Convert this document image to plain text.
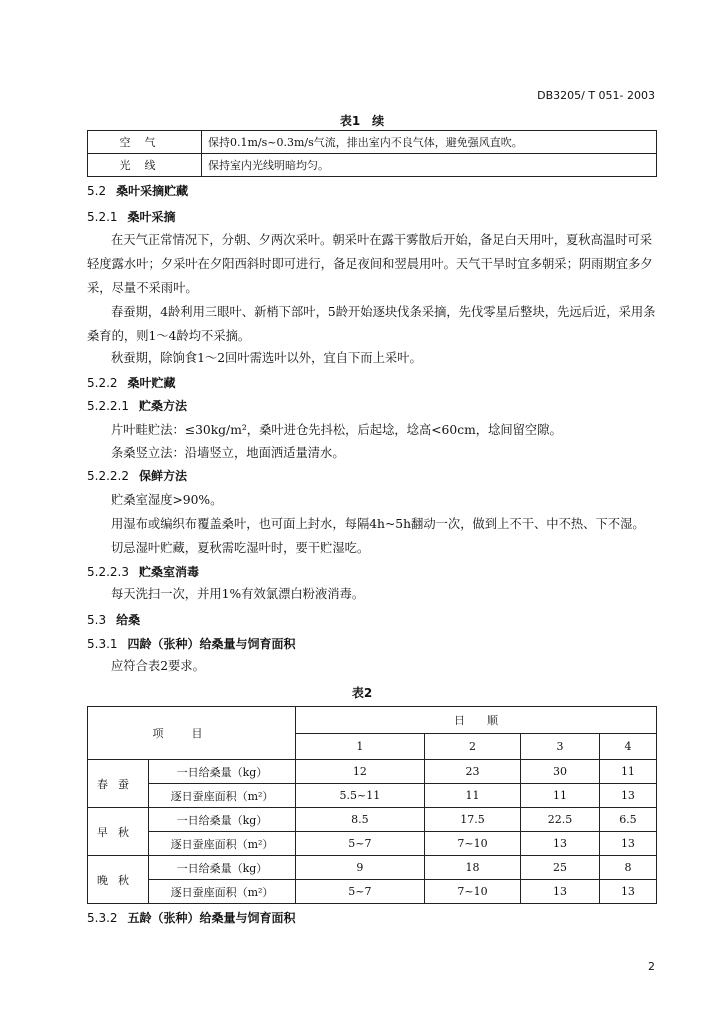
DB3205/ T 051- 2003
表1　续
空气	保持0.1m/s~0.3m/s气流，排出室内不良气体，避免强风直吹。
光线	保持室内光线明暗均匀。
5.2 桑叶采摘贮藏
5.2.1 桑叶采摘
在天气正常情况下，分朝、夕两次采叶。朝采叶在露干雾散后开始，备足白天用叶，夏秋高温时可采轻度露水叶；夕采叶在夕阳西斜时即可进行，备足夜间和翌晨用叶。天气干旱时宜多朝采；阴雨期宜多夕采，尽量不采雨叶。
春蚕期，4龄利用三眼叶、新梢下部叶，5龄开始逐块伐条采摘，先伐零星后整块，先远后近，采用条桑育的，则1～4龄均不采摘。
秋蚕期，除饷食1～2回叶需选叶以外，宜自下而上采叶。
5.2.2 桑叶贮藏
5.2.2.1 贮桑方法
片叶畦贮法：≤30kg/m²，桑叶进仓先抖松，后起埝，埝高<60cm，埝间留空隙。
条桑竖立法：沿墙竖立，地面洒适量清水。
5.2.2.2 保鲜方法
贮桑室湿度>90%。
用湿布或编织布覆盖桑叶，也可面上封水，每隔4h~5h翻动一次，做到上不干、中不热、下不湿。
切忌湿叶贮藏，夏秋需吃湿叶时，要干贮湿吃。
5.2.2.3 贮桑室消毒
每天洗扫一次，并用1%有效氯漂白粉液消毒。
5.3 给桑
5.3.1 四龄（张种）给桑量与饲育面积
应符合表2要求。
表2
项目		日　　顺			
		1	2	3	4
春蚕	一日给桑量（kg）	12	23	30	11
	逐日蚕座面积（m²）	5.5~11	11	11	13
早秋	一日给桑量（kg）	8.5	17.5	22.5	6.5
	逐日蚕座面积（m²）	5~7	7~10	13	13
晚秋	一日给桑量（kg）	9	18	25	8
	逐日蚕座面积（m²）	5~7	7~10	13	13
5.3.2 五龄（张种）给桑量与饲育面积
2
